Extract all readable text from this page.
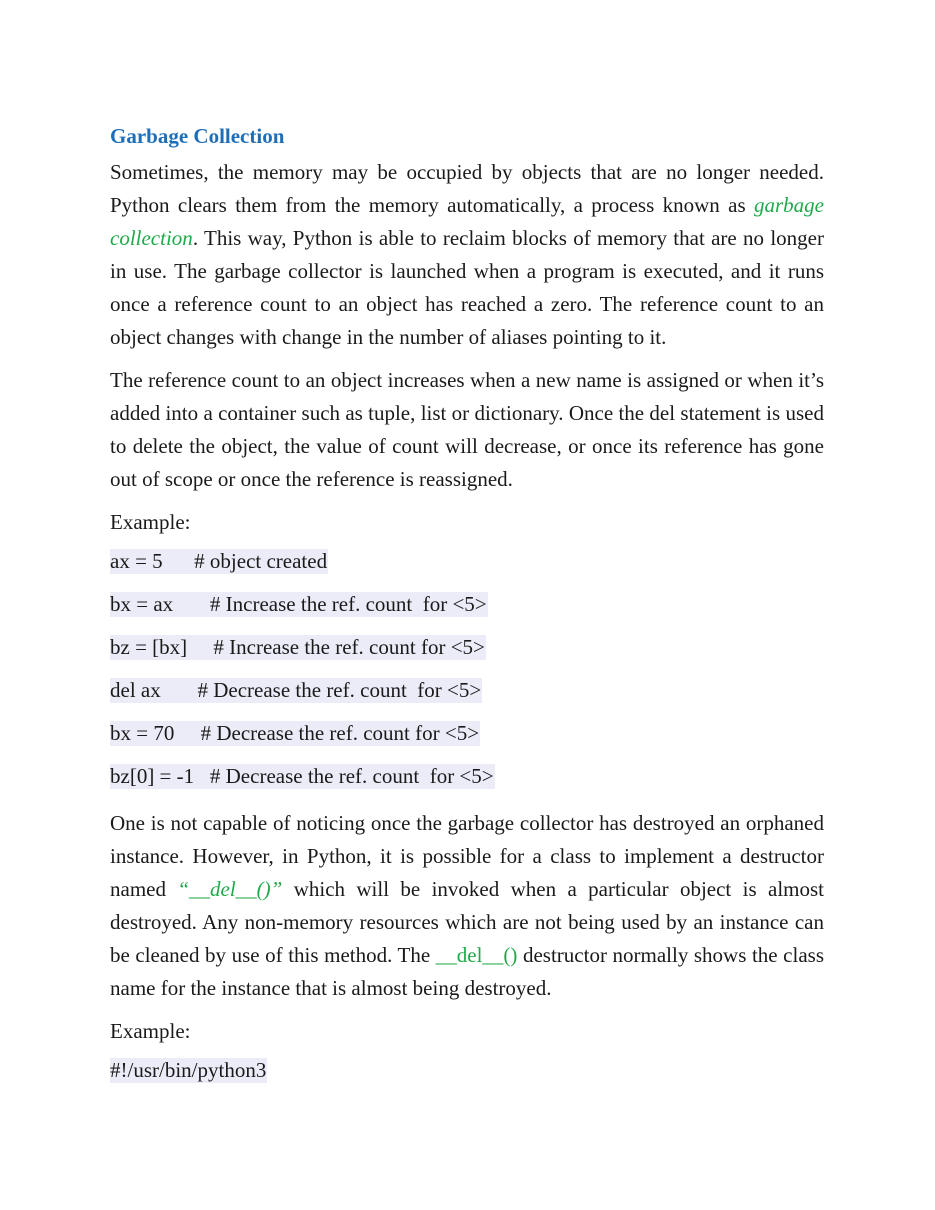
Garbage Collection

Sometimes, the memory may be occupied by objects that are no longer needed. Python clears them from the memory automatically, a process known as garbage collection. This way, Python is able to reclaim blocks of memory that are no longer in use. The garbage collector is launched when a program is executed, and it runs once a reference count to an object has reached a zero. The reference count to an object changes with change in the number of aliases pointing to it.

The reference count to an object increases when a new name is assigned or when it’s added into a container such as tuple, list or dictionary. Once the del statement is used to delete the object, the value of count will decrease, or once its reference has gone out of scope or once the reference is reassigned.

Example:

ax = 5      # object created
bx = ax       # Increase the ref. count  for <5>
bz = [bx]     # Increase the ref. count for <5>
del ax       # Decrease the ref. count  for <5>
bx = 70     # Decrease the ref. count for <5>
bz[0] = -1   # Decrease the ref. count  for <5>

One is not capable of noticing once the garbage collector has destroyed an orphaned instance. However, in Python, it is possible for a class to implement a destructor named “__del__()” which will be invoked when a particular object is almost destroyed. Any non-memory resources which are not being used by an instance can be cleaned by use of this method. The __del__() destructor normally shows the class name for the instance that is almost being destroyed.

Example:

#!/usr/bin/python3
